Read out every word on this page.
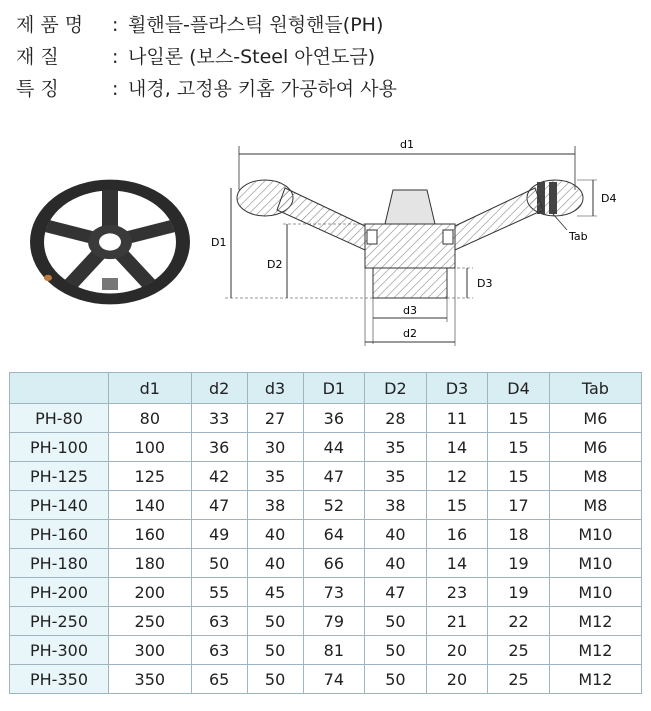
제 품 명 : 휠핸들-플라스틱 원형핸들(PH)
재 질	: 나일론 (보스-Steel 아연도금)
특 징	: 내경, 고정용 키홈 가공하여 사용
d1
D1
D2
D3
D4
Tab
d3
d2
	d1	d2	d3	D1	D2	D3	D4	Tab
PH-80	80	33	27	36	28	11	15	M6
PH-100	100	36	30	44	35	14	15	M6
PH-125	125	42	35	47	35	12	15	M8
PH-140	140	47	38	52	38	15	17	M8
PH-160	160	49	40	64	40	16	18	M10
PH-180	180	50	40	66	40	14	19	M10
PH-200	200	55	45	73	47	23	19	M10
PH-250	250	63	50	79	50	21	22	M12
PH-300	300	63	50	81	50	20	25	M12
PH-350	350	65	50	74	50	20	25	M12
